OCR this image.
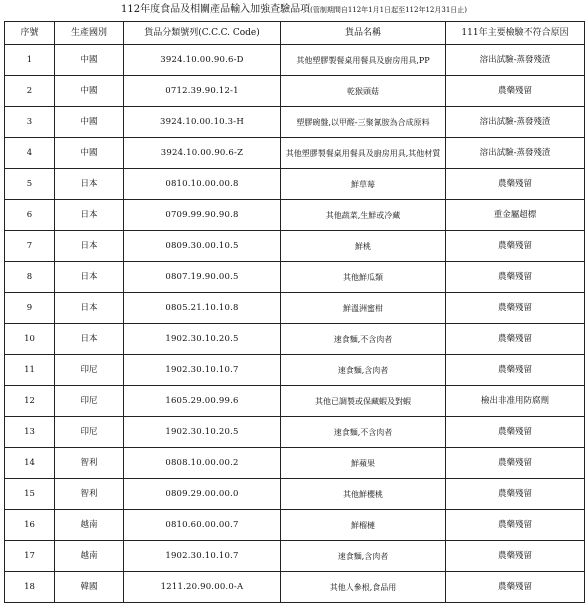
112年度食品及相關產品輸入加強查驗品項(管制期間自112年1月1日起至112年12月31日止)
序號	生產國別	貨品分類號列(C.C.C. Code)	貨品名稱	111年主要檢驗不符合原因
1	中國	3924.10.00.90.6-D	其他塑膠製餐桌用餐具及廚房用具,PP	溶出試驗-蒸發殘渣
2	中國	0712.39.90.12-1	乾猴頭菇	農藥殘留
3	中國	3924.10.00.10.3-H	塑膠碗盤,以甲醛-三聚氰胺為合成原料	溶出試驗-蒸發殘渣
4	中國	3924.10.00.90.6-Z	其他塑膠製餐桌用餐具及廚房用具,其他材質	溶出試驗-蒸發殘渣
5	日本	0810.10.00.00.8	鮮草莓	農藥殘留
6	日本	0709.99.90.90.8	其他蔬菜,生鮮或冷藏	重金屬超標
7	日本	0809.30.00.10.5	鮮桃	農藥殘留
8	日本	0807.19.90.00.5	其他鮮瓜類	農藥殘留
9	日本	0805.21.10.10.8	鮮溫洲蜜柑	農藥殘留
10	日本	1902.30.10.20.5	速食麵,不含肉者	農藥殘留
11	印尼	1902.30.10.10.7	速食麵,含肉者	農藥殘留
12	印尼	1605.29.00.99.6	其他已調製或保藏蝦及對蝦	檢出非准用防腐劑
13	印尼	1902.30.10.20.5	速食麵,不含肉者	農藥殘留
14	智利	0808.10.00.00.2	鮮蘋果	農藥殘留
15	智利	0809.29.00.00.0	其他鮮櫻桃	農藥殘留
16	越南	0810.60.00.00.7	鮮榴槤	農藥殘留
17	越南	1902.30.10.10.7	速食麵,含肉者	農藥殘留
18	韓國	1211.20.90.00.0-A	其他人參根,食品用	農藥殘留
